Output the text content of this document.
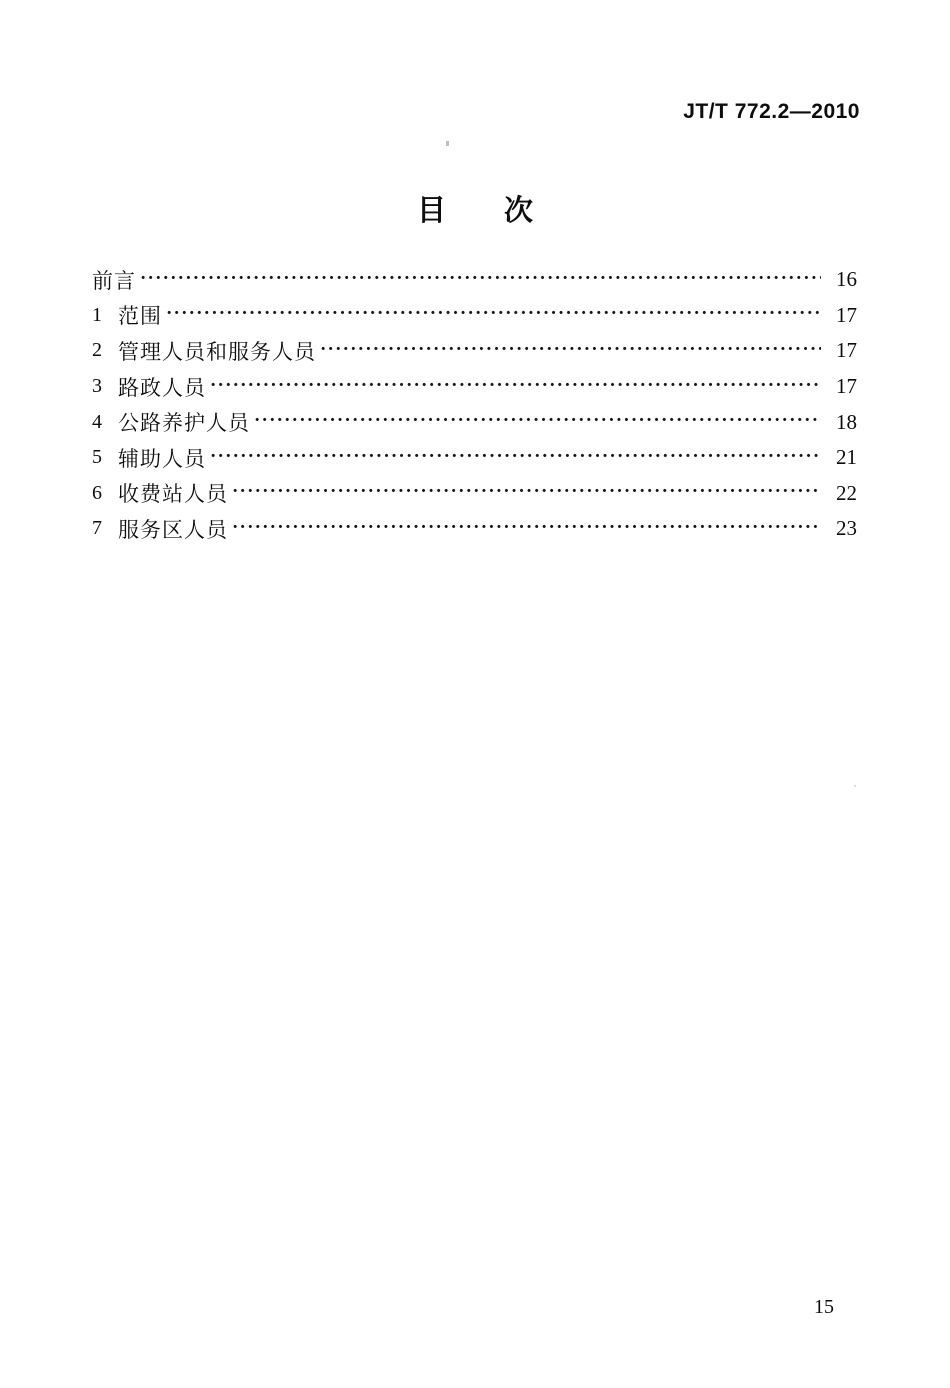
JT/T 772.2—2010
目　　次
前言 ·····	16
1 范围 ·····	17
2 管理人员和服务人员 ·····	17
3 路政人员 ·····	17
4 公路养护人员 ·····	18
5 辅助人员 ·····	21
6 收费站人员 ·····	22
7 服务区人员 ·····	23
15
